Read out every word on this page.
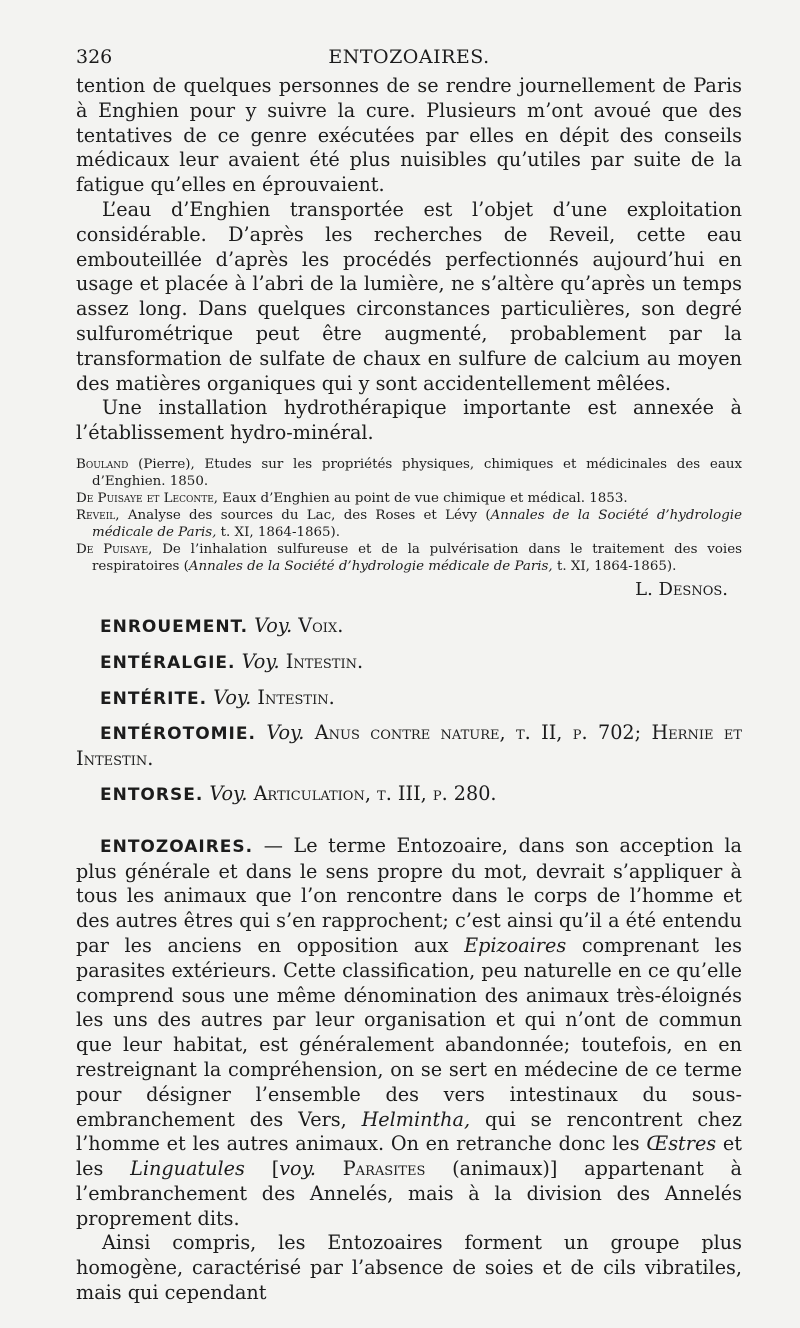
326	ENTOZOAIRES.

tention de quelques personnes de se rendre journellement de Paris à Enghien pour y suivre la cure. Plusieurs m’ont avoué que des tentatives de ce genre exécutées par elles en dépit des conseils médicaux leur avaient été plus nuisibles qu’utiles par suite de la fatigue qu’elles en éprouvaient.

L’eau d’Enghien transportée est l’objet d’une exploitation considérable. D’après les recherches de Reveil, cette eau embouteillée d’après les procédés perfectionnés aujourd’hui en usage et placée à l’abri de la lumière, ne s’altère qu’après un temps assez long. Dans quelques circonstances particulières, son degré sulfurométrique peut être augmenté, probablement par la transformation de sulfate de chaux en sulfure de calcium au moyen des matières organiques qui y sont accidentellement mêlées.

Une installation hydrothérapique importante est annexée à l’établissement hydro-minéral.

Bouland (Pierre), Etudes sur les propriétés physiques, chimiques et médicinales des eaux d’Enghien. 1850.

De Puisaye et Leconte, Eaux d’Enghien au point de vue chimique et médical. 1853.

Reveil, Analyse des sources du Lac, des Roses et Lévy (Annales de la Société d’hydrologie médicale de Paris, t. XI, 1864-1865).

De Puisaye, De l’inhalation sulfureuse et de la pulvérisation dans le traitement des voies respiratoires (Annales de la Société d’hydrologie médicale de Paris, t. XI, 1864-1865).

L. Desnos.

ENROUEMENT. Voy. Voix.

ENTÉRALGIE. Voy. Intestin.

ENTÉRITE. Voy. Intestin.

ENTÉROTOMIE. Voy. Anus contre nature, t. II, p. 702; Hernie et Intestin.

ENTORSE. Voy. Articulation, t. III, p. 280.

ENTOZOAIRES. — Le terme Entozoaire, dans son acception la plus générale et dans le sens propre du mot, devrait s’appliquer à tous les animaux que l’on rencontre dans le corps de l’homme et des autres êtres qui s’en rapprochent; c’est ainsi qu’il a été entendu par les anciens en opposition aux Epizoaires comprenant les parasites extérieurs. Cette classification, peu naturelle en ce qu’elle comprend sous une même dénomination des animaux très-éloignés les uns des autres par leur organisation et qui n’ont de commun que leur habitat, est généralement abandonnée; toutefois, en en restreignant la compréhension, on se sert en médecine de ce terme pour désigner l’ensemble des vers intestinaux du sous-embranchement des Vers, Helmintha, qui se rencontrent chez l’homme et les autres animaux. On en retranche donc les Œstres et les Linguatules [voy. Parasites (animaux)] appartenant à l’embranchement des Annelés, mais à la division des Annelés proprement dits.

Ainsi compris, les Entozoaires forment un groupe plus homogène, caractérisé par l’absence de soies et de cils vibratiles, mais qui cependant
